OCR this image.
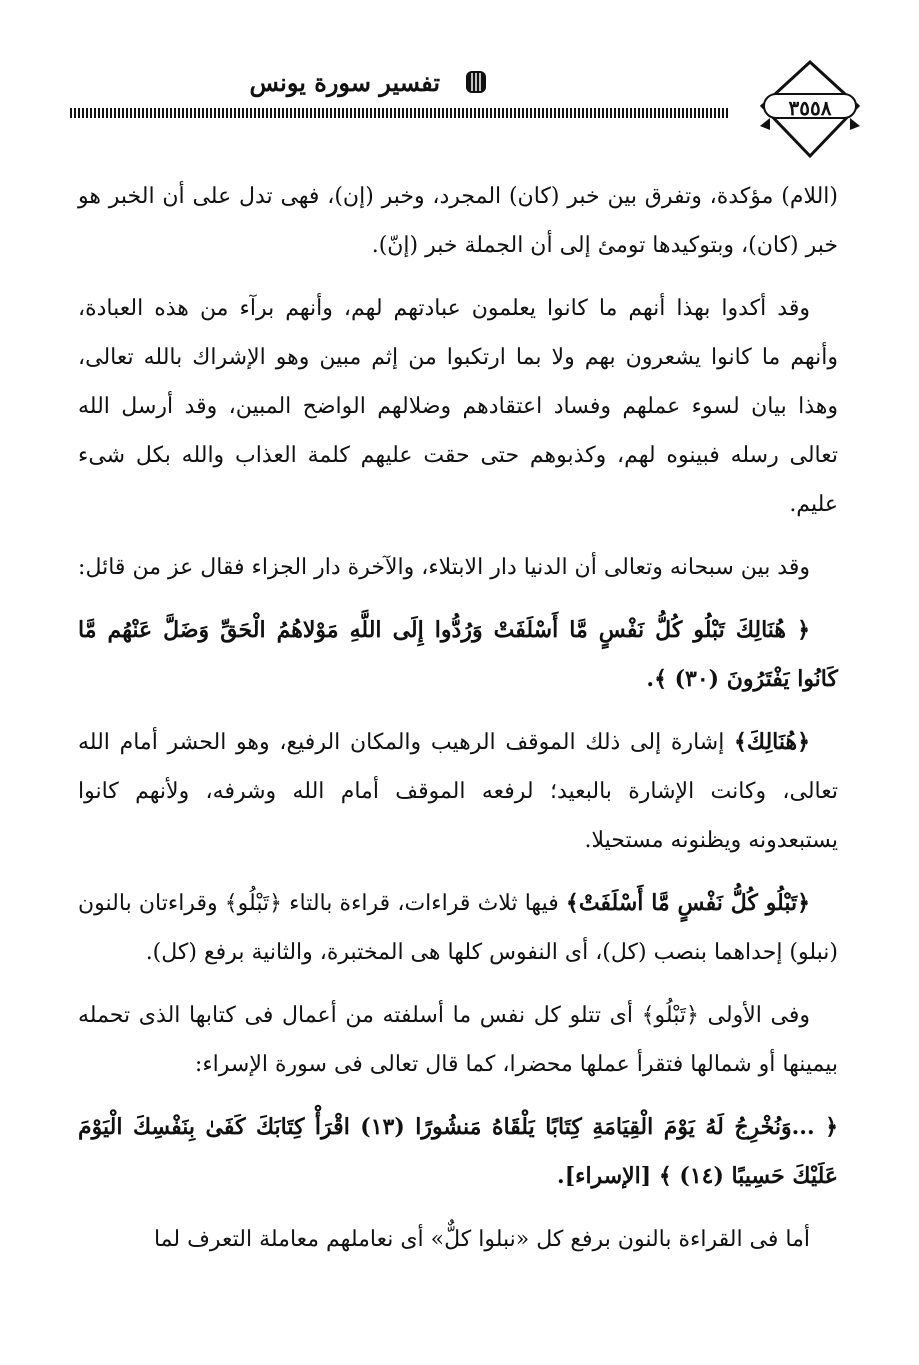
تفسير سورة يونس
٣٥٥٨

(اللام) مؤكدة، وتفرق بين خبر (كان) المجرد، وخبر (إن)، فهى تدل على أن الخبر هو خبر (كان)، وبتوكيدها تومئ إلى أن الجملة خبر (إنّ).

وقد أكدوا بهذا أنهم ما كانوا يعلمون عبادتهم لهم، وأنهم برآء من هذه العبادة، وأنهم ما كانوا يشعرون بهم ولا بما ارتكبوا من إثم مبين وهو الإشراك بالله تعالى، وهذا بيان لسوء عملهم وفساد اعتقادهم وضلالهم الواضح المبين، وقد أرسل الله تعالى رسله فبينوه لهم، وكذبوهم حتى حقت عليهم كلمة العذاب والله بكل شىء عليم.

وقد بين سبحانه وتعالى أن الدنيا دار الابتلاء، والآخرة دار الجزاء فقال عز من قائل:

﴿ هُنَالِكَ تَبْلُو كُلُّ نَفْسٍ مَّا أَسْلَفَتْ وَرُدُّوا إِلَى اللَّهِ مَوْلاهُمُ الْحَقِّ وَضَلَّ عَنْهُم مَّا كَانُوا يَفْتَرُونَ (٣٠) ﴾.

﴿هُنَالِكَ﴾ إشارة إلى ذلك الموقف الرهيب والمكان الرفيع، وهو الحشر أمام الله تعالى، وكانت الإشارة بالبعيد؛ لرفعه الموقف أمام الله وشرفه، ولأنهم كانوا يستبعدونه ويظنونه مستحيلا.

﴿تَبْلُو كُلُّ نَفْسٍ مَّا أَسْلَفَتْ﴾ فيها ثلاث قراءات، قراءة بالتاء ﴿تَبْلُو﴾ وقراءتان بالنون (نبلو) إحداهما بنصب (كل)، أى النفوس كلها هى المختبرة، والثانية برفع (كل).

وفى الأولى ﴿تَبْلُو﴾ أى تتلو كل نفس ما أسلفته من أعمال فى كتابها الذى تحمله بيمينها أو شمالها فتقرأ عملها محضرا، كما قال تعالى فى سورة الإسراء:

﴿ ...وَنُخْرِجُ لَهُ يَوْمَ الْقِيَامَةِ كِتَابًا يَلْقَاهُ مَنشُورًا (١٣) اقْرَأْ كِتَابَكَ كَفَىٰ بِنَفْسِكَ الْيَوْمَ عَلَيْكَ حَسِيبًا (١٤) ﴾ [الإسراء].

أما فى القراءة بالنون برفع كل «نبلوا كلٌّ» أى نعاملهم معاملة التعرف لما
